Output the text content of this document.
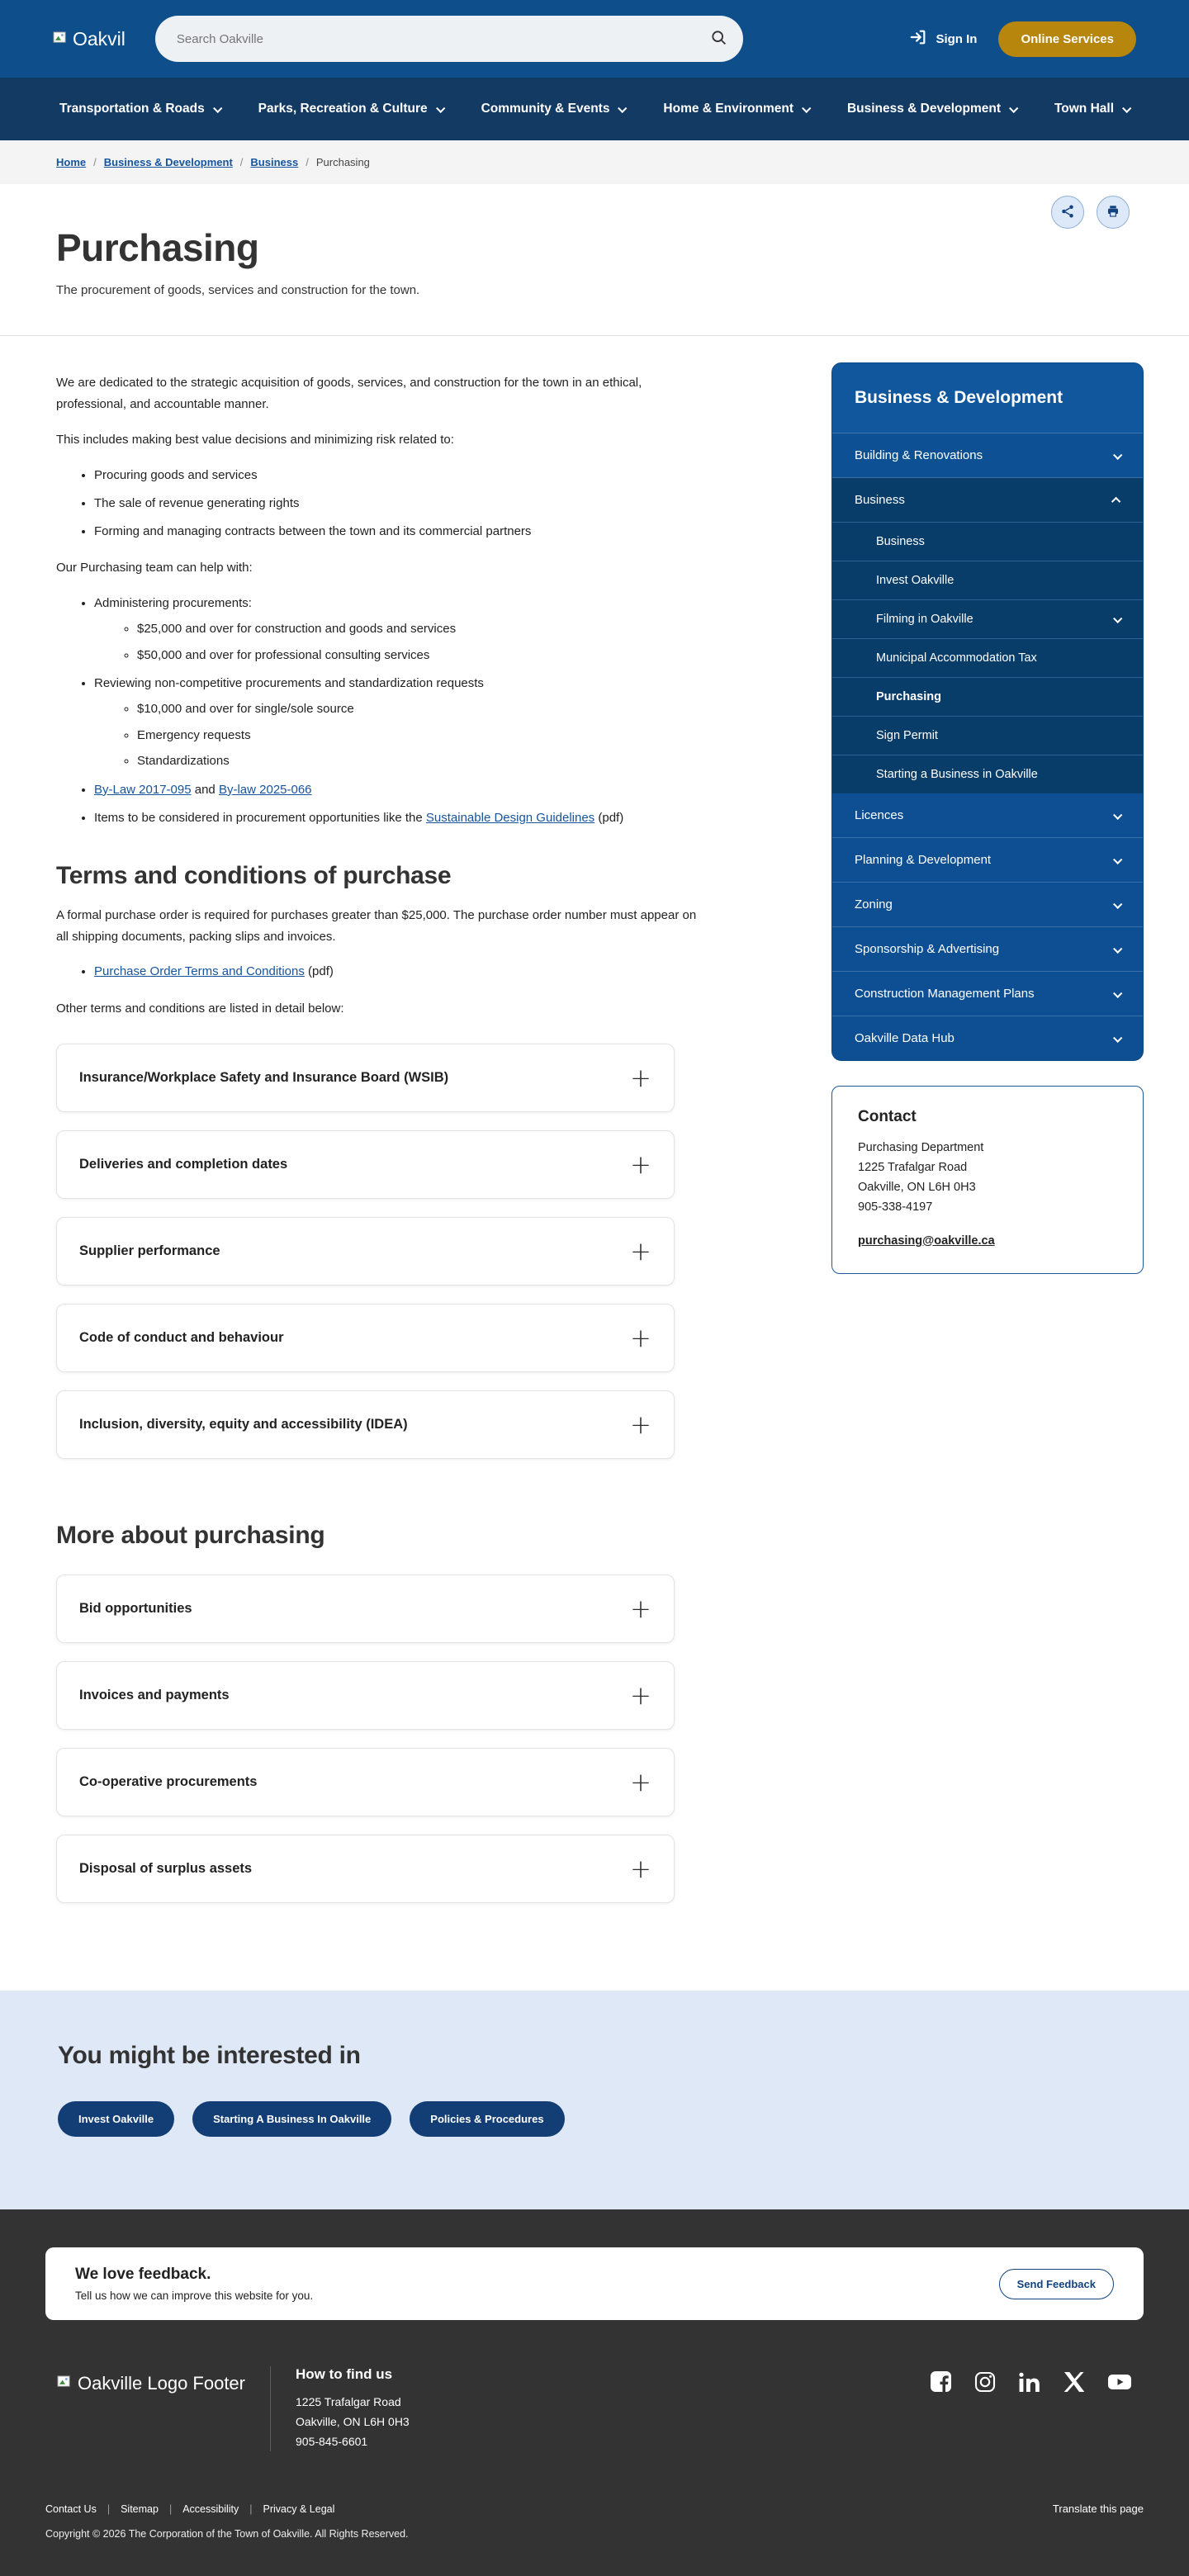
Oakvil
Search Oakville	Sign In	Online Services
Transportation & Roads	Parks, Recreation & Culture	Community & Events	Home & Environment	Business & Development	Town Hall
Home / Business & Development / Business / Purchasing
Purchasing
The procurement of goods, services and construction for the town.

We are dedicated to the strategic acquisition of goods, services, and construction for the town in an ethical, professional, and accountable manner.

This includes making best value decisions and minimizing risk related to:

• Procuring goods and services
• The sale of revenue generating rights
• Forming and managing contracts between the town and its commercial partners

Our Purchasing team can help with:

• Administering procurements:
◦ $25,000 and over for construction and goods and services
◦ $50,000 and over for professional consulting services
• Reviewing non-competitive procurements and standardization requests
◦ $10,000 and over for single/sole source
◦ Emergency requests
◦ Standardizations
• By-Law 2017-095 and By-law 2025-066
• Items to be considered in procurement opportunities like the Sustainable Design Guidelines (pdf)
Terms and conditions of purchase

A formal purchase order is required for purchases greater than $25,000. The purchase order number must appear on all shipping documents, packing slips and invoices.

• Purchase Order Terms and Conditions (pdf)

Other terms and conditions are listed in detail below:

Insurance/Workplace Safety and Insurance Board (WSIB)	+
Deliveries and completion dates	+
Supplier performance	+
Code of conduct and behaviour	+
Inclusion, diversity, equity and accessibility (IDEA)	+
More about purchasing
Bid opportunities	+
Invoices and payments	+
Co-operative procurements	+
Disposal of surplus assets	+
Business & Development
Building & Renovations
Business
Business
Invest Oakville
Filming in Oakville
Municipal Accommodation Tax
Purchasing
Sign Permit
Starting a Business in Oakville
Licences
Planning & Development
Zoning
Sponsorship & Advertising
Construction Management Plans
Oakville Data Hub
Contact
Purchasing Department
1225 Trafalgar Road
Oakville, ON L6H 0H3
905-338-4197
purchasing@oakville.ca
You might be interested in
Invest Oakville	Starting A Business In Oakville	Policies & Procedures
We love feedback.

Tell us how we can improve this website for you.

Send Feedback
Oakville Logo Footer	How to find us
1225 Trafalgar Road
Oakville, ON L6H 0H3
905-845-6601
Contact Us | Sitemap | Accessibility | Privacy & Legal	Translate this page
Copyright © 2026 The Corporation of the Town of Oakville. All Rights Reserved.
